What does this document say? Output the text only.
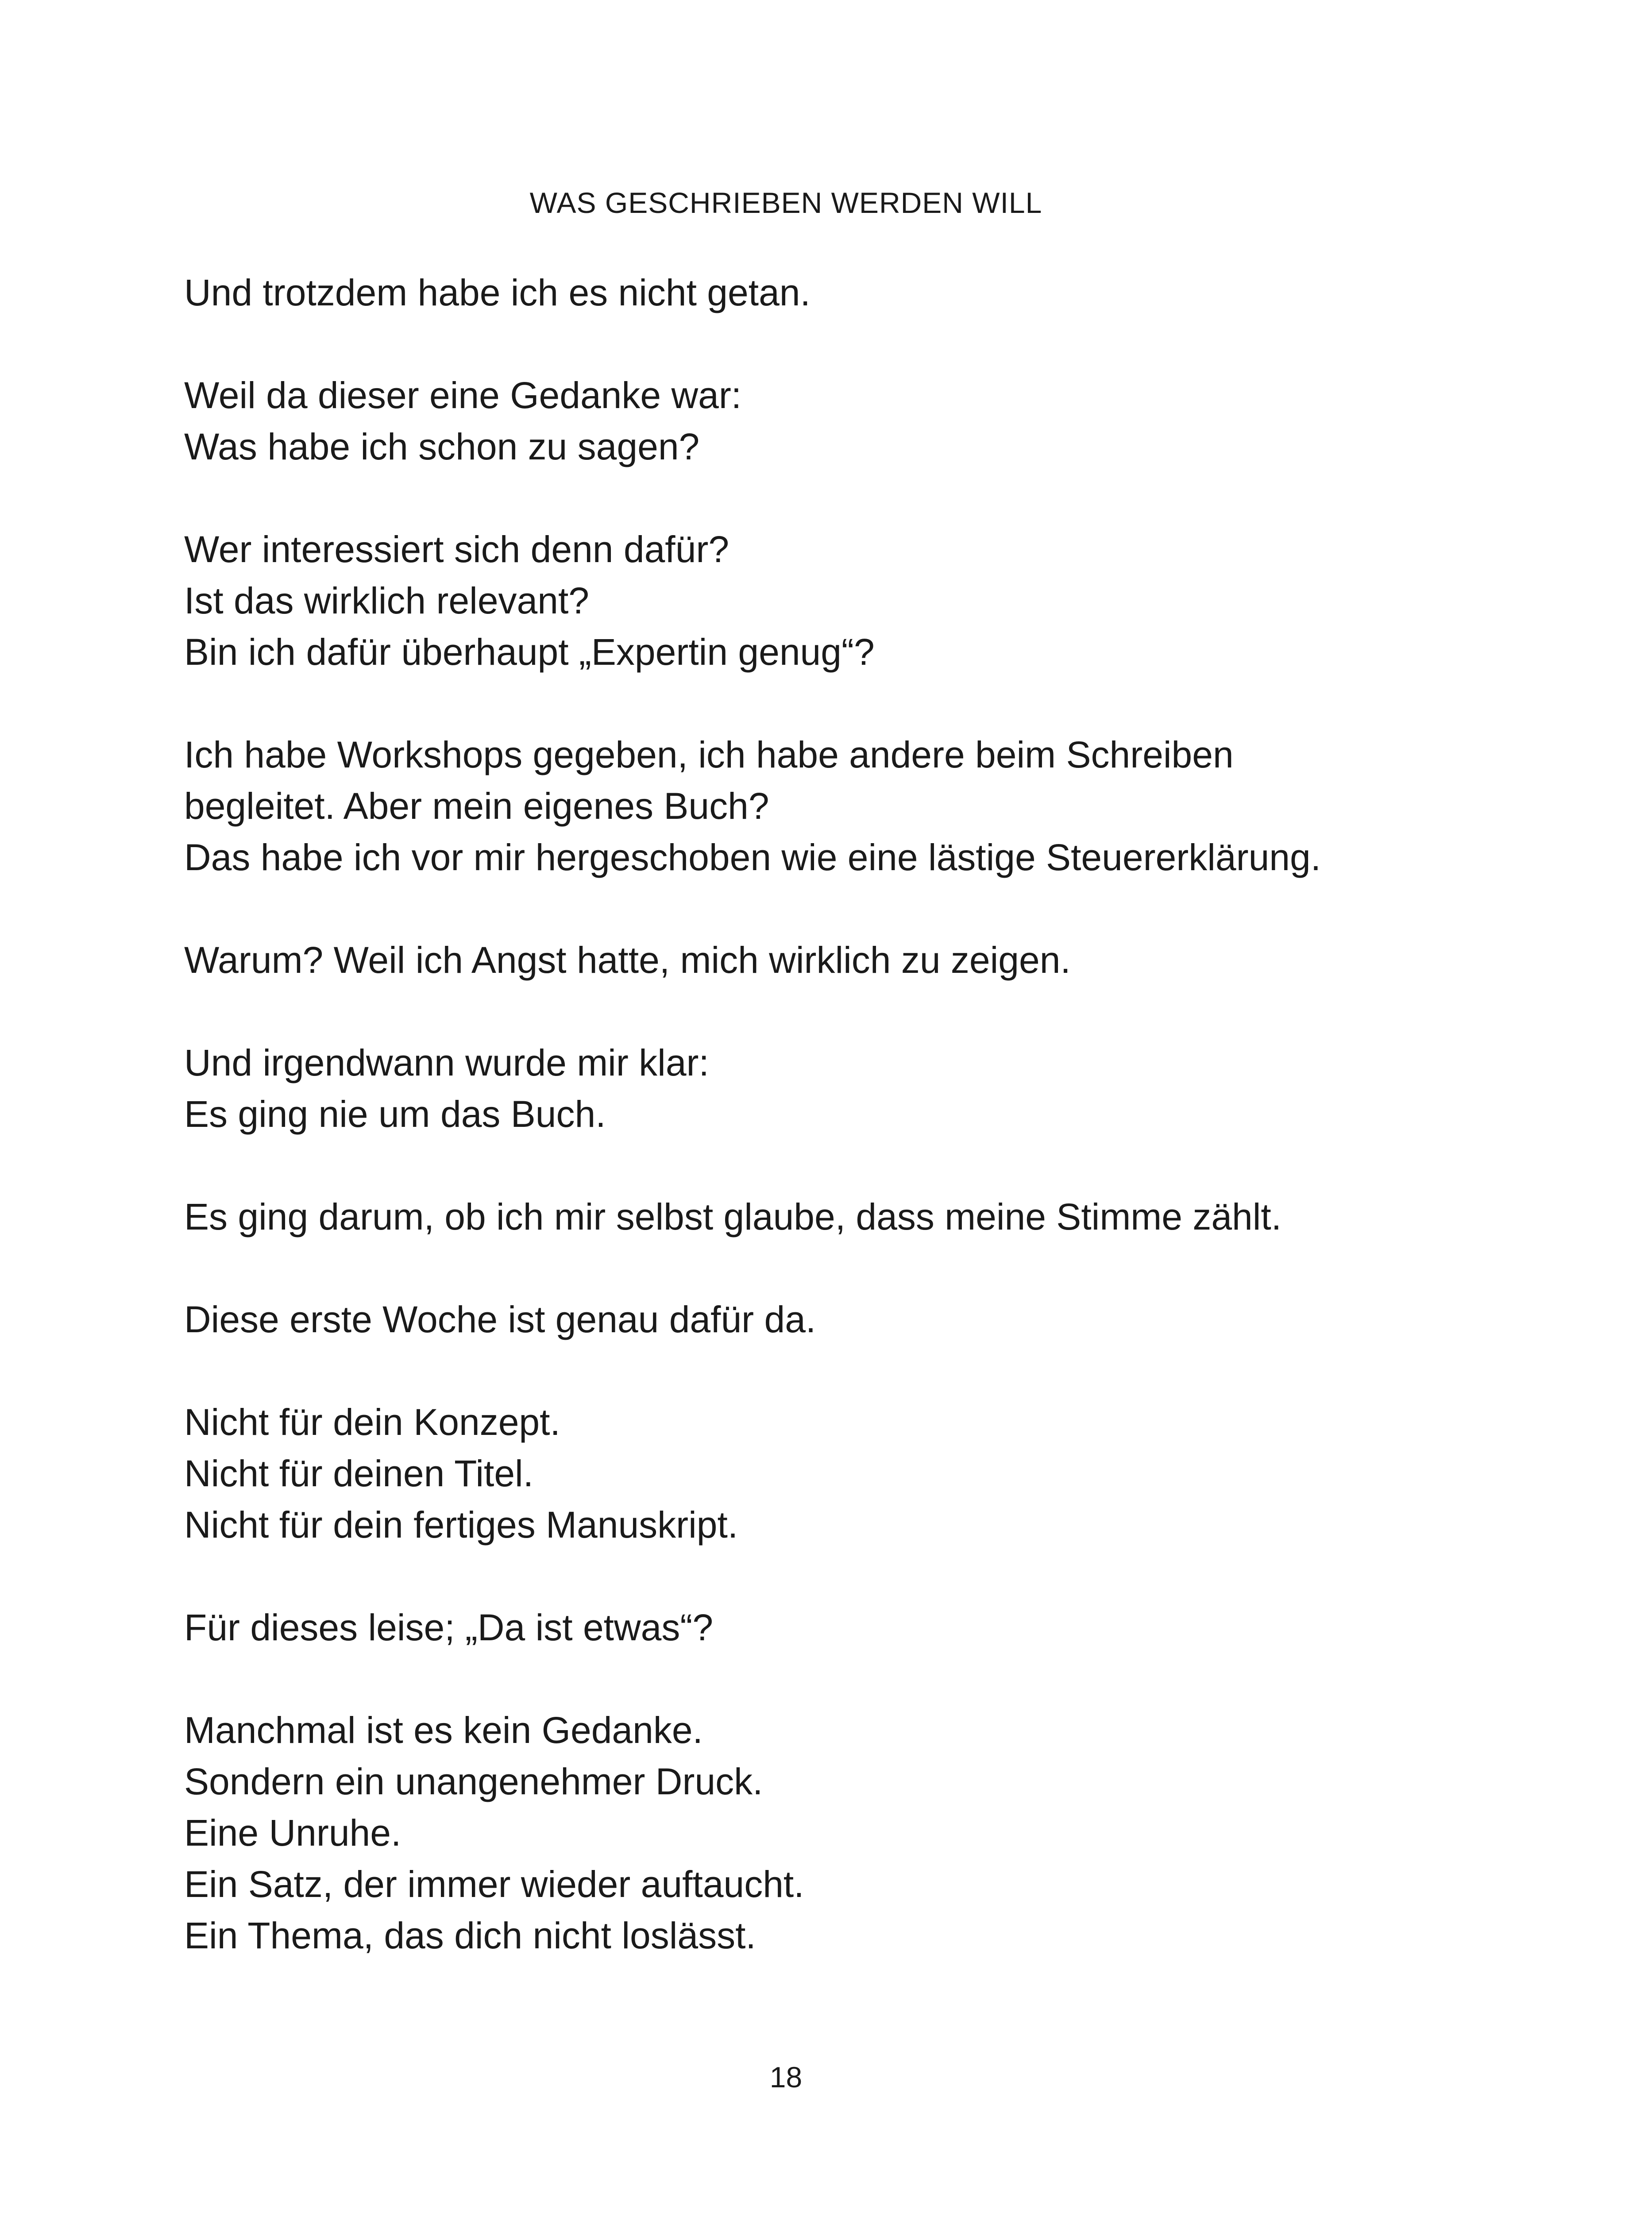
WAS GESCHRIEBEN WERDEN WILL

Und trotzdem habe ich es nicht getan.

Weil da dieser eine Gedanke war:
Was habe ich schon zu sagen?

Wer interessiert sich denn dafür?
Ist das wirklich relevant?
Bin ich dafür überhaupt „Expertin genug“?

Ich habe Workshops gegeben, ich habe andere beim Schreiben
begleitet. Aber mein eigenes Buch?
Das habe ich vor mir hergeschoben wie eine lästige Steuererklärung.

Warum? Weil ich Angst hatte, mich wirklich zu zeigen.

Und irgendwann wurde mir klar:
Es ging nie um das Buch.

Es ging darum, ob ich mir selbst glaube, dass meine Stimme zählt.

Diese erste Woche ist genau dafür da.

Nicht für dein Konzept.
Nicht für deinen Titel.
Nicht für dein fertiges Manuskript.

Für dieses leise; „Da ist etwas“?

Manchmal ist es kein Gedanke.
Sondern ein unangenehmer Druck.
Eine Unruhe.
Ein Satz, der immer wieder auftaucht.
Ein Thema, das dich nicht loslässt.

18
